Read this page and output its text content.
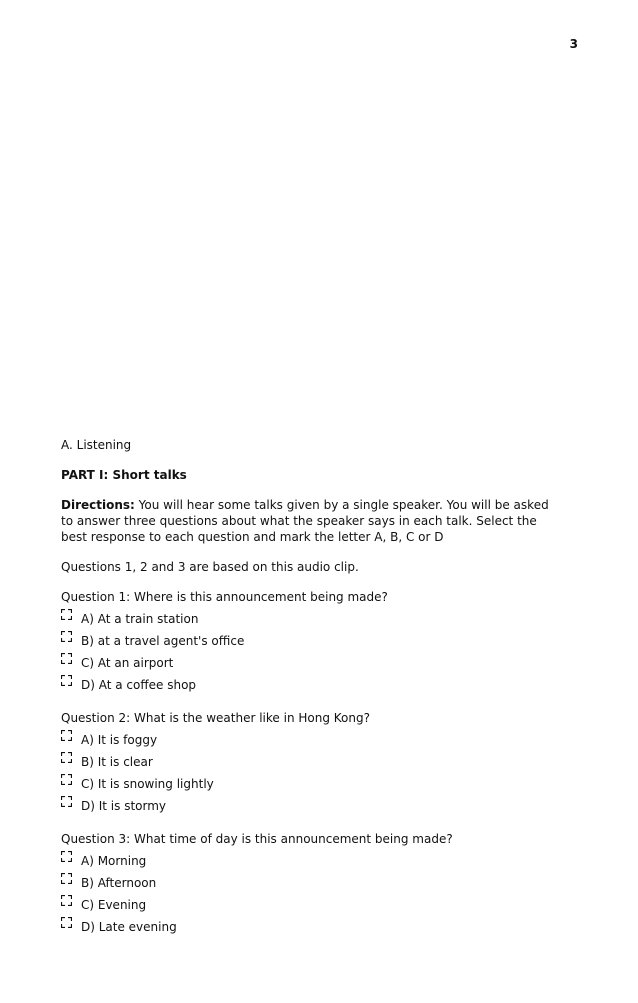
3
A. Listening
PART I: Short talks
Directions: You will hear some talks given by a single speaker. You will be asked to answer three questions about what the speaker says in each talk. Select the best response to each question and mark the letter A, B, C or D
Questions 1, 2 and 3 are based on this audio clip.
Question 1: Where is this announcement being made?
A) At a train station
B) at a travel agent's office
C) At an airport
D) At a coffee shop
Question 2: What is the weather like in Hong Kong?
A) It is foggy
B) It is clear
C) It is snowing lightly
D) It is stormy
Question 3: What time of day is this announcement being made?
A) Morning
B) Afternoon
C) Evening
D) Late evening
